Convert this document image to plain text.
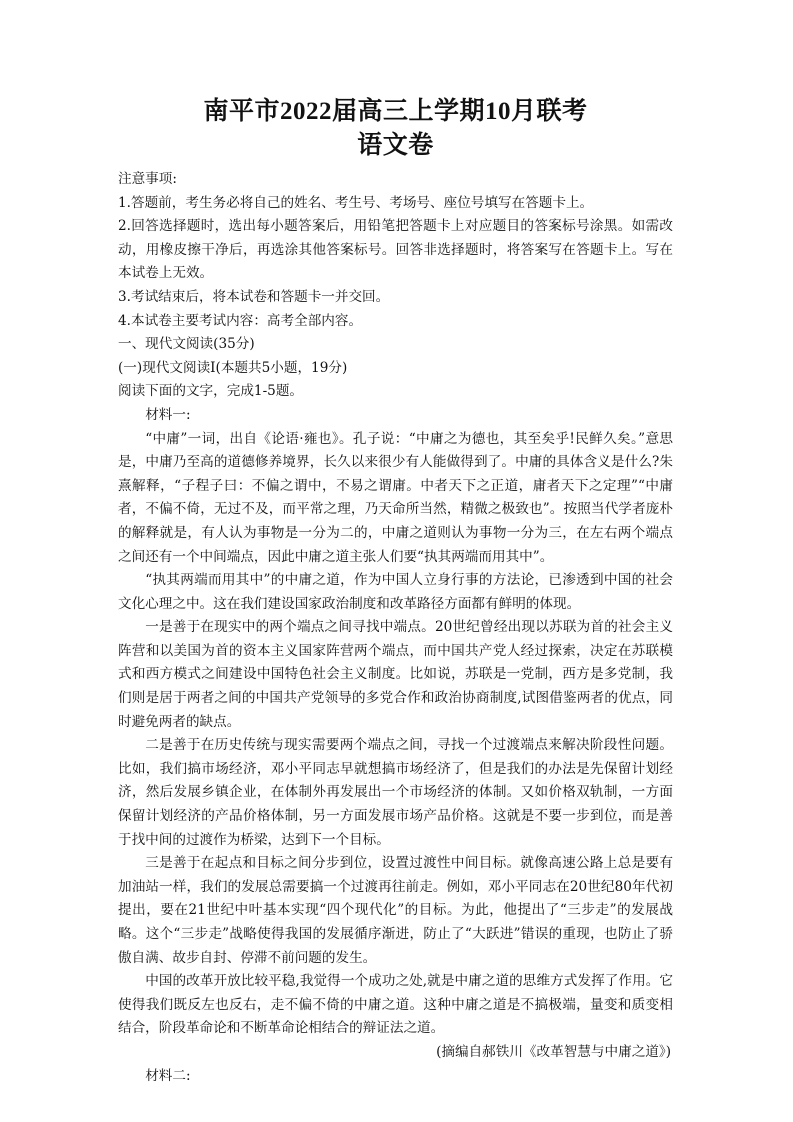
南平市2022届高三上学期10月联考
语文卷

注意事项:

1.答题前，考生务必将自己的姓名、考生号、考场号、座位号填写在答题卡上。

2.回答选择题时，选出每小题答案后，用铅笔把答题卡上对应题目的答案标号涂黑。如需改动，用橡皮擦干净后，再选涂其他答案标号。回答非选择题时，将答案写在答题卡上。写在本试卷上无效。

3.考试结束后，将本试卷和答题卡一并交回。

4.本试卷主要考试内容：高考全部内容。

一、现代文阅读(35分)

(一)现代文阅读Ⅰ(本题共5小题，19分)

阅读下面的文字，完成1-5题。

材料一:

“中庸”一词，出自《论语·雍也》。孔子说：“中庸之为德也，其至矣乎!民鲜久矣。”意思是，中庸乃至高的道德修养境界，长久以来很少有人能做得到了。中庸的具体含义是什么?朱熹解释，“子程子曰：不偏之谓中，不易之谓庸。中者天下之正道，庸者天下之定理”“中庸者，不偏不倚，无过不及，而平常之理，乃天命所当然，精微之极致也”。按照当代学者庞朴的解释就是，有人认为事物是一分为二的，中庸之道则认为事物一分为三，在左右两个端点之间还有一个中间端点，因此中庸之道主张人们要“执其两端而用其中”。

“执其两端而用其中”的中庸之道，作为中国人立身行事的方法论，已渗透到中国的社会文化心理之中。这在我们建设国家政治制度和改革路径方面都有鲜明的体现。

一是善于在现实中的两个端点之间寻找中端点。20世纪曾经出现以苏联为首的社会主义阵营和以美国为首的资本主义国家阵营两个端点，而中国共产党人经过探索，决定在苏联模式和西方模式之间建设中国特色社会主义制度。比如说，苏联是一党制，西方是多党制，我们则是居于两者之间的中国共产党领导的多党合作和政治协商制度,试图借鉴两者的优点，同时避免两者的缺点。

二是善于在历史传统与现实需要两个端点之间，寻找一个过渡端点来解决阶段性问题。比如，我们搞市场经济，邓小平同志早就想搞市场经济了，但是我们的办法是先保留计划经济，然后发展乡镇企业，在体制外再发展出一个市场经济的体制。又如价格双轨制，一方面保留计划经济的产品价格体制，另一方面发展市场产品价格。这就是不要一步到位，而是善于找中间的过渡作为桥梁，达到下一个目标。

三是善于在起点和目标之间分步到位，设置过渡性中间目标。就像高速公路上总是要有加油站一样，我们的发展总需要搞一个过渡再往前走。例如，邓小平同志在20世纪80年代初提出，要在21世纪中叶基本实现“四个现代化”的目标。为此，他提出了“三步走”的发展战略。这个“三步走”战略使得我国的发展循序渐进，防止了“大跃进”错误的重现，也防止了骄傲自满、故步自封、停滞不前问题的发生。

中国的改革开放比较平稳,我觉得一个成功之处,就是中庸之道的思维方式发挥了作用。它使得我们既反左也反右，走不偏不倚的中庸之道。这种中庸之道是不搞极端，量变和质变相结合，阶段革命论和不断革命论相结合的辩证法之道。

(摘编自郝铁川《改革智慧与中庸之道》)

材料二:
